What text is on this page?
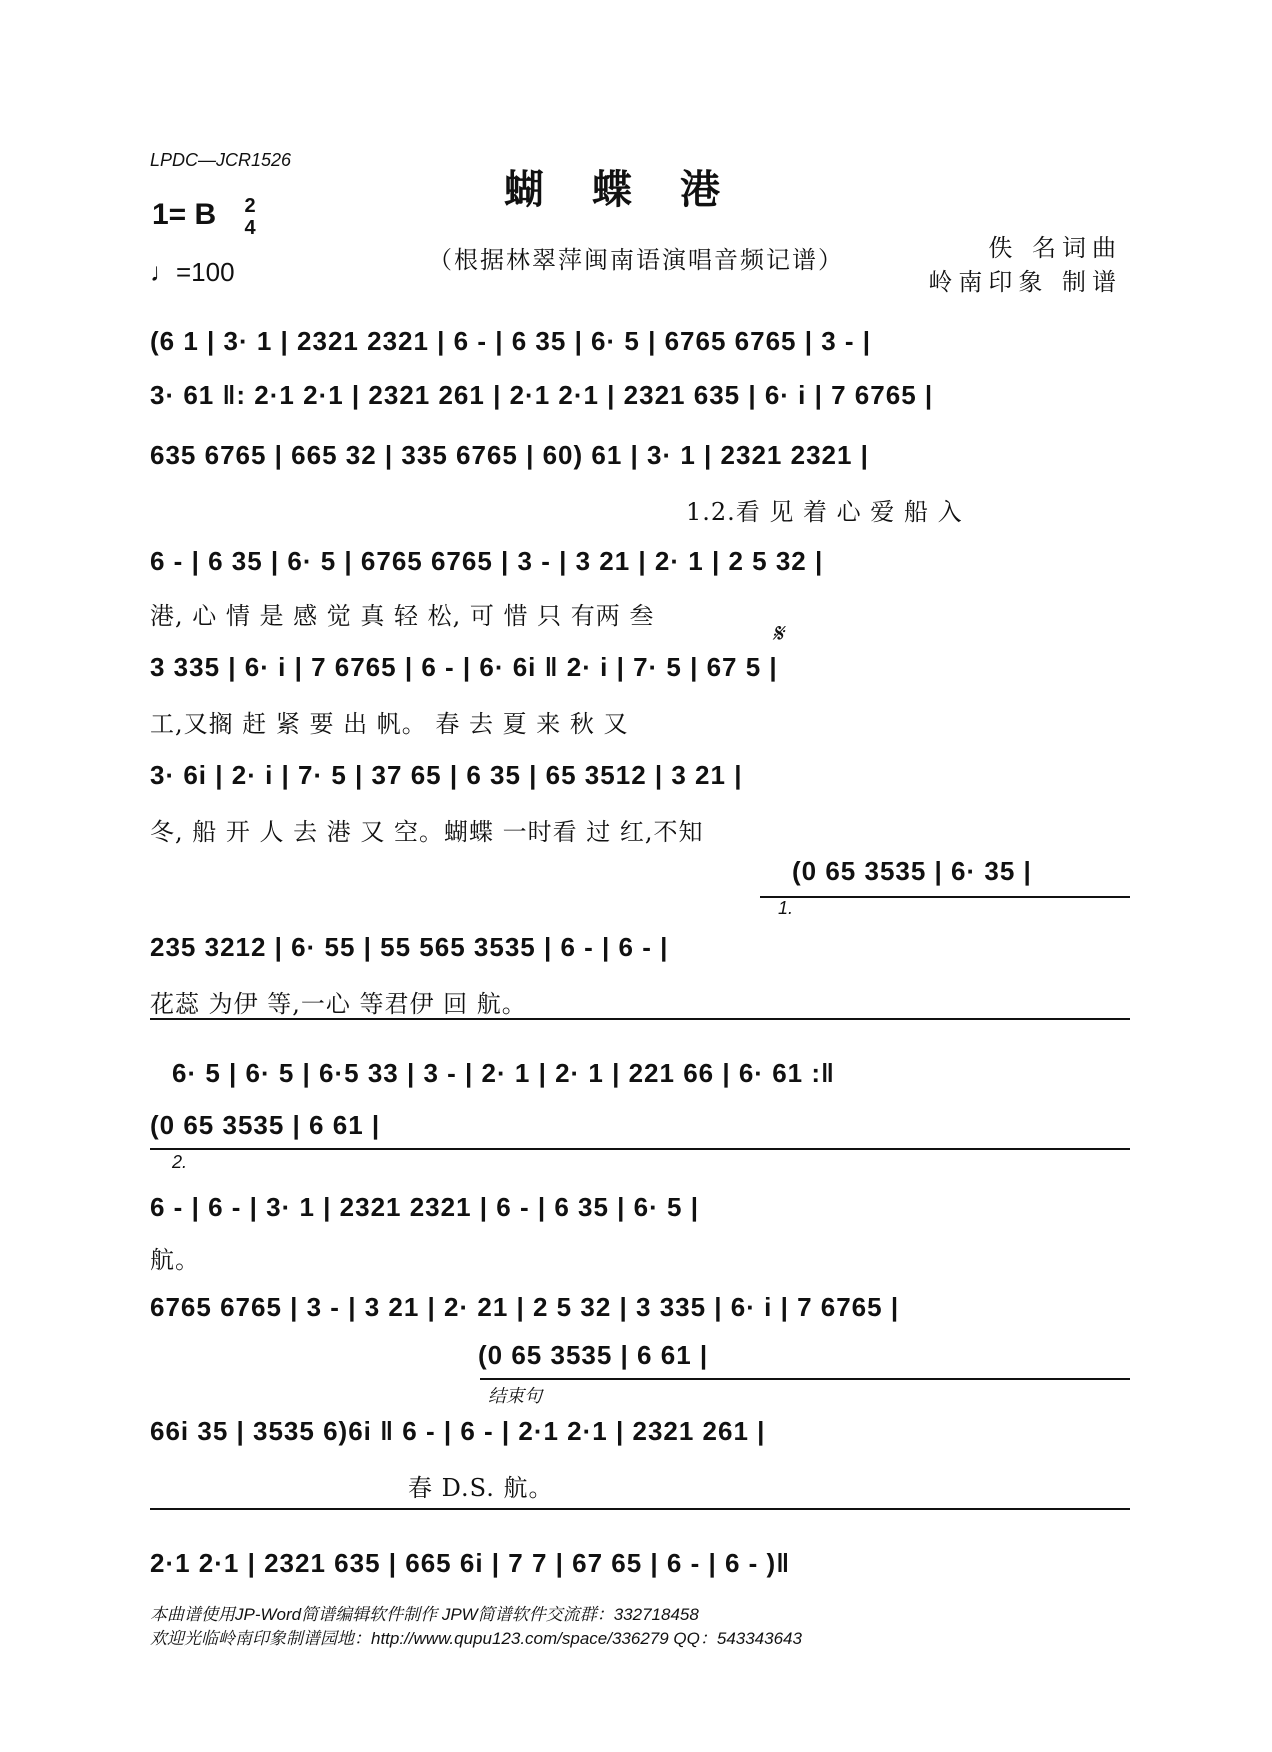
LPDC—JCR1526
蝴蝶港
1= B 2
4
♩=100	（根据林翠萍闽南语演唱音频记谱）	佚 名词曲
岭南印象 制谱
(6 1 | 3· 1 | 2321 2321 | 6 - | 6 35 | 6· 5 | 6765 6765 | 3 - |
3· 61 ‖: 2·1 2·1 | 2321 261 | 2·1 2·1 | 2321 635 | 6· i | 7 6765 |
635 6765 | 665 32 | 335 6765 | 60) 61 | 3· 1 | 2321 2321 |
1.2.看 见 着 心 爱 船 入
6 - | 6 35 | 6· 5 | 6765 6765 | 3 - | 3 21 | 2· 1 | 2 5 32 |
港, 心 情 是 感 觉 真 轻 松, 可 惜 只 有两 叁
3 335 | 6· i | 7 6765 | 6 - | 6· 6i ‖ 2· i | 7· 5 | 67 5 |
𝄋
工,又搁 赶 紧 要 出 帆。 春 去 夏 来 秋 又
3· 6i | 2· i | 7· 5 | 37 65 | 6 35 | 65 3512 | 3 21 |
冬, 船 开 人 去 港 又 空。蝴蝶 一时看 过 红,不知
(0 65 3535 | 6· 35 |
1.
235 3212 | 6· 55 | 55 565 3535 | 6 - | 6 - |
花蕊 为伊 等,一心 等君伊 回 航。
6· 5 | 6· 5 | 6·5 33 | 3 - | 2· 1 | 2· 1 | 221 66 | 6· 61 :‖
(0 65 3535 | 6 61 |
2.
6 - | 6 - | 3· 1 | 2321 2321 | 6 - | 6 35 | 6· 5 |
航。
6765 6765 | 3 - | 3 21 | 2· 21 | 2 5 32 | 3 335 | 6· i | 7 6765 |
(0 65 3535 | 6 61 |
结束句
66i 35 | 3535 6)6i ‖ 6 - | 6 - | 2·1 2·1 | 2321 261 |
春 D.S. 航。
2·1 2·1 | 2321 635 | 665 6i | 7 7 | 67 65 | 6 - | 6 - )‖
本曲谱使用JP-Word简谱编辑软件制作 JPW简谱软件交流群：332718458
欢迎光临岭南印象制谱园地：http://www.qupu123.com/space/336279 QQ：543343643
